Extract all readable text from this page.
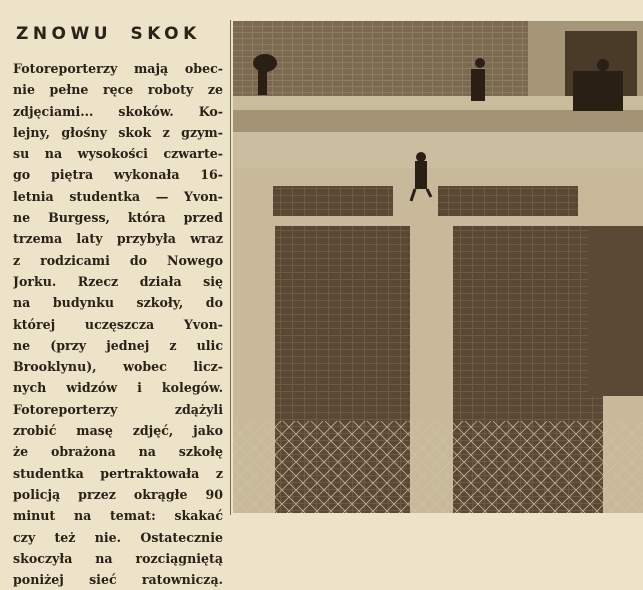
ZNOWU SKOK
Fotoreporterzy mają obec-
nie pełne ręce roboty ze
zdjęciami... skoków. Ko-
lejny, głośny skok z gzym-
su na wysokości czwarte-
go piętra wykonała 16-
letnia studentka — Yvon-
ne Burgess, która przed
trzema laty przybyła wraz
z rodzicami do Nowego
Jorku. Rzecz działa się
na budynku szkoły, do
której uczęszcza Yvon-
ne (przy jednej z ulic
Brooklynu), wobec licz-
nych widzów i kolegów.
Fotoreporterzy zdążyli
zrobić masę zdjęć, jako
że obrażona na szkołę
studentka pertraktowała z
policją przez okrągłe 90
minut na temat: skakać
czy też nie. Ostatecznie
skoczyła na rozciągniętą
poniżej sieć ratowniczą.
